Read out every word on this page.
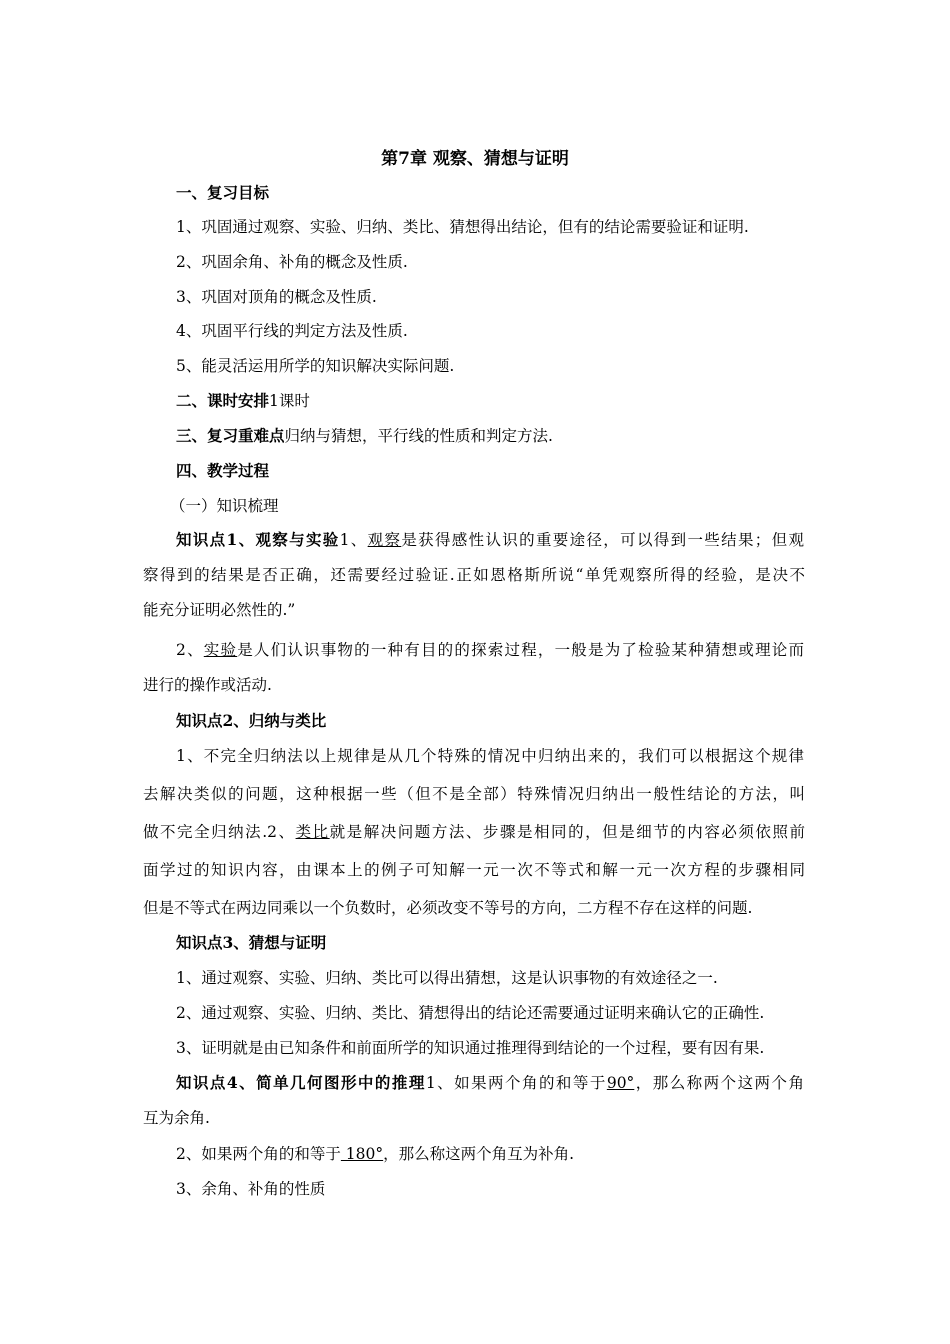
第7章 观察、猜想与证明
一、复习目标
1、巩固通过观察、实验、归纳、类比、猜想得出结论，但有的结论需要验证和证明.
2、巩固余角、补角的概念及性质.
3、巩固对顶角的概念及性质.
4、巩固平行线的判定方法及性质.
5、能灵活运用所学的知识解决实际问题.
二、课时安排1课时
三、复习重难点归纳与猜想，平行线的性质和判定方法.
四、教学过程
（一）知识梳理
知识点1、观察与实验1、观察是获得感性认识的重要途径，可以得到一些结果；但观
察得到的结果是否正确，还需要经过验证.正如恩格斯所说“单凭观察所得的经验，是决不
能充分证明必然性的.”
2、实验是人们认识事物的一种有目的的探索过程，一般是为了检验某种猜想或理论而
进行的操作或活动.
知识点2、归纳与类比
1、不完全归纳法以上规律是从几个特殊的情况中归纳出来的，我们可以根据这个规律
去解决类似的问题，这种根据一些（但不是全部）特殊情况归纳出一般性结论的方法，叫
做不完全归纳法.2、类比就是解决问题方法、步骤是相同的，但是细节的内容必须依照前
面学过的知识内容，由课本上的例子可知解一元一次不等式和解一元一次方程的步骤相同
但是不等式在两边同乘以一个负数时，必须改变不等号的方向，二方程不存在这样的问题.
知识点3、猜想与证明
1、通过观察、实验、归纳、类比可以得出猜想，这是认识事物的有效途径之一.
2、通过观察、实验、归纳、类比、猜想得出的结论还需要通过证明来确认它的正确性.
3、证明就是由已知条件和前面所学的知识通过推理得到结论的一个过程，要有因有果.
知识点4、简单几何图形中的推理1、如果两个角的和等于90°，那么称两个这两个角
互为余角.
2、如果两个角的和等于 180°，那么称这两个角互为补角.
3、余角、补角的性质
